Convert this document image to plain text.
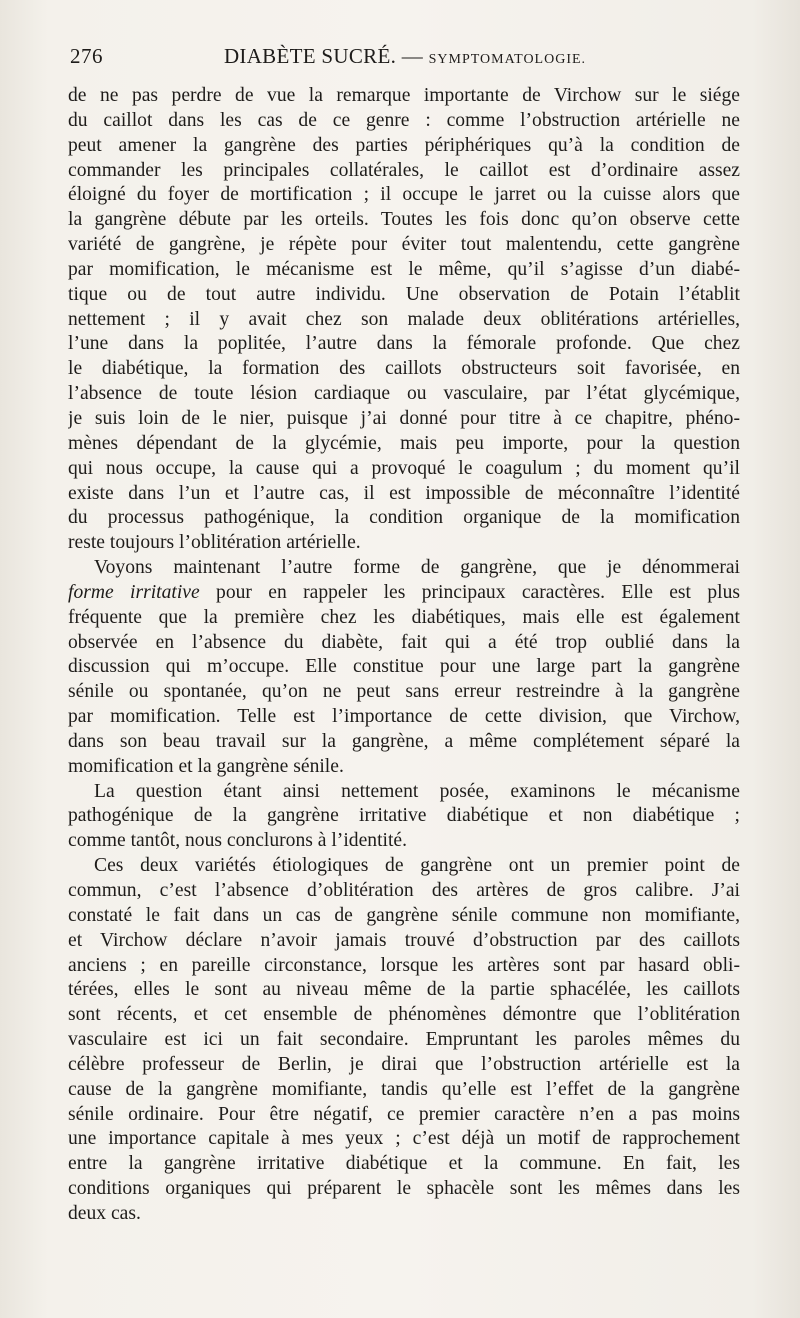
276	DIABÈTE SUCRÉ. — SYMPTOMATOLOGIE.

de ne pas perdre de vue la remarque importante de Virchow sur le siége
du caillot dans les cas de ce genre : comme l’obstruction artérielle ne
peut amener la gangrène des parties périphériques qu’à la condition de
commander les principales collatérales, le caillot est d’ordinaire assez
éloigné du foyer de mortification ; il occupe le jarret ou la cuisse alors que
la gangrène débute par les orteils. Toutes les fois donc qu’on observe cette
variété de gangrène, je répète pour éviter tout malentendu, cette gangrène
par momification, le mécanisme est le même, qu’il s’agisse d’un diabé-
tique ou de tout autre individu. Une observation de Potain l’établit
nettement ; il y avait chez son malade deux oblitérations artérielles,
l’une dans la poplitée, l’autre dans la fémorale profonde. Que chez
le diabétique, la formation des caillots obstructeurs soit favorisée, en
l’absence de toute lésion cardiaque ou vasculaire, par l’état glycémique,
je suis loin de le nier, puisque j’ai donné pour titre à ce chapitre, phéno-
mènes dépendant de la glycémie, mais peu importe, pour la question
qui nous occupe, la cause qui a provoqué le coagulum ; du moment qu’il
existe dans l’un et l’autre cas, il est impossible de méconnaître l’identité
du processus pathogénique, la condition organique de la momification
reste toujours l’oblitération artérielle.

Voyons maintenant l’autre forme de gangrène, que je dénommerai
forme irritative pour en rappeler les principaux caractères. Elle est plus
fréquente que la première chez les diabétiques, mais elle est également
observée en l’absence du diabète, fait qui a été trop oublié dans la
discussion qui m’occupe. Elle constitue pour une large part la gangrène
sénile ou spontanée, qu’on ne peut sans erreur restreindre à la gangrène
par momification. Telle est l’importance de cette division, que Virchow,
dans son beau travail sur la gangrène, a même complétement séparé la
momification et la gangrène sénile.

La question étant ainsi nettement posée, examinons le mécanisme
pathogénique de la gangrène irritative diabétique et non diabétique ;
comme tantôt, nous conclurons à l’identité.

Ces deux variétés étiologiques de gangrène ont un premier point de
commun, c’est l’absence d’oblitération des artères de gros calibre. J’ai
constaté le fait dans un cas de gangrène sénile commune non momifiante,
et Virchow déclare n’avoir jamais trouvé d’obstruction par des caillots
anciens ; en pareille circonstance, lorsque les artères sont par hasard obli-
térées, elles le sont au niveau même de la partie sphacélée, les caillots
sont récents, et cet ensemble de phénomènes démontre que l’oblitération
vasculaire est ici un fait secondaire. Empruntant les paroles mêmes du
célèbre professeur de Berlin, je dirai que l’obstruction artérielle est la
cause de la gangrène momifiante, tandis qu’elle est l’effet de la gangrène
sénile ordinaire. Pour être négatif, ce premier caractère n’en a pas moins
une importance capitale à mes yeux ; c’est déjà un motif de rapprochement
entre la gangrène irritative diabétique et la commune. En fait, les
conditions organiques qui préparent le sphacèle sont les mêmes dans les
deux cas.
